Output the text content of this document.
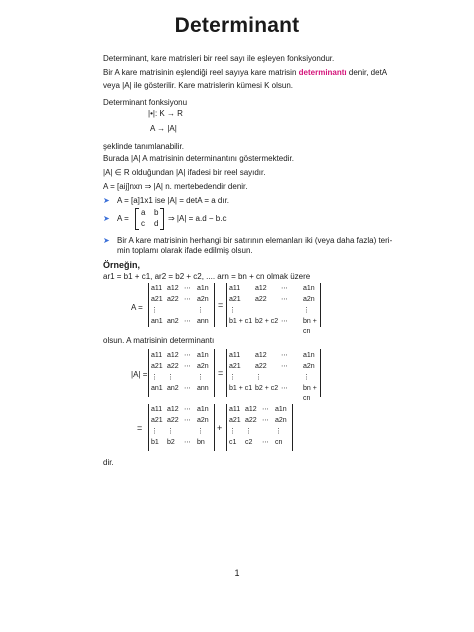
Determinant
Determinant, kare matrisleri bir reel sayı ile eşleyen fonksiyondur.
Bir A kare matrisinin eşlendiği reel sayıya kare matrisin determinantı denir, detA
veya |A| ile gösterilir. Kare matrislerin kümesi K olsun.
Determinant fonksiyonu
|•|: K → R
A → |A|
şeklinde tanımlanabilir.
Burada |A| A matrisinin determinantını göstermektedir.
|A| ∈ R olduğundan |A| ifadesi bir reel sayıdır.
A = [aij]nxn ⇒ |A| n. mertebedendir denir.
➤ A = [a]1x1 ise |A| = detA = a dır.
➤ A =
a b
c d
⇒ |A| = a.d − b.c
➤ Bir A kare matrisinin herhangi bir satırının elemanları iki (veya daha fazla) teri-
min toplamı olarak ifade edilmiş olsun.
Örneğin,
ar1 = b1 + c1, ar2 = b2 + c2, .... arn = bn + cn olmak üzere
A =
a11 a12 ⋯ a1n
a21 a22 ⋯ a2n
⋮	⋮
an1 an2 ⋯ ann
=
a11 a12 ⋯ a1n
a21 a22 ⋯ a2n
⋮	⋮
b1 + c1 b2 + c2 ⋯ bn + cn
olsun. A matrisinin determinantı
|A| =
a11 a12 ⋯ a1n
a21 a22 ⋯ a2n
⋮ ⋮	⋮
an1 an2 ⋯ ann
=
a11 a12 ⋯ a1n
a21 a22 ⋯ a2n
⋮	⋮	⋮
b1 + c1 b2 + c2 ⋯ bn + cn
=
a11 a12 ⋯ a1n
a21 a22 ⋯ a2n
⋮ ⋮	⋮
b1 b2 ⋯ bn
+
a11 a12 ⋯ a1n
a21 a22 ⋯ a2n
⋮ ⋮	⋮
c1 c2 ⋯ cn
dir.
1
